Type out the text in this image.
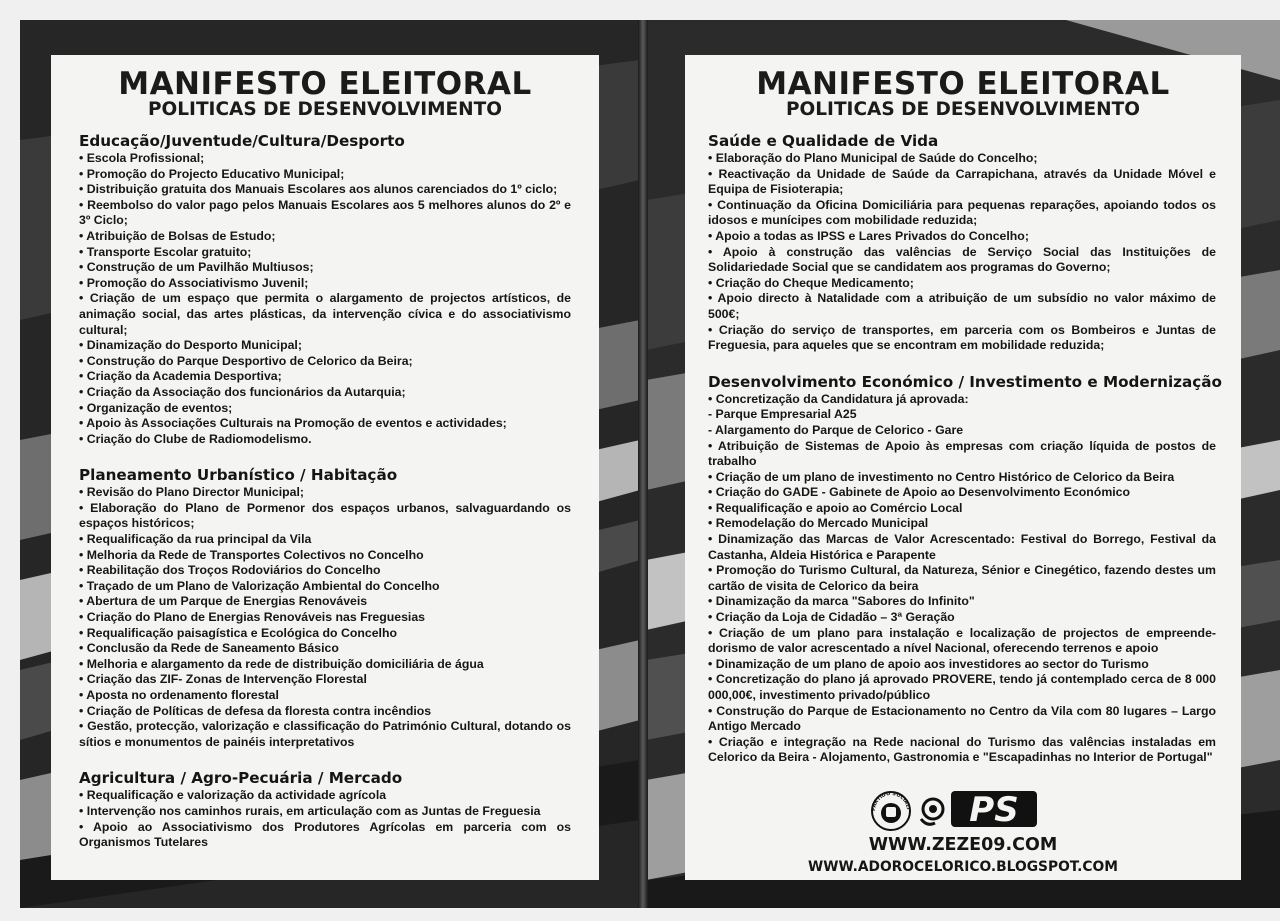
MANIFESTO ELEITORAL
POLITICAS DE DESENVOLVIMENTO
Educação/Juventude/Cultura/Desporto
• Escola Profissional;
• Promoção do Projecto Educativo Municipal;
• Distribuição gratuita dos Manuais Escolares aos alunos carenciados do 1º ciclo;
• Reembolso do valor pago pelos Manuais Escolares aos 5 melhores alunos do 2º e 3º Ciclo;
• Atribuição de Bolsas de Estudo;
• Transporte Escolar gratuito;
• Construção de um Pavilhão Multiusos;
• Promoção do Associativismo Juvenil;
• Criação de um espaço que permita o alargamento de projectos artísticos, de animação social, das artes plásticas, da intervenção cívica e do associativismo cultural;
• Dinamização do Desporto Municipal;
• Construção do Parque Desportivo de Celorico da Beira;
• Criação da Academia Desportiva;
• Criação da Associação dos funcionários da Autarquia;
• Organização de eventos;
• Apoio às Associações Culturais na Promoção de eventos e actividades;
• Criação do Clube de Radiomodelismo.
Planeamento Urbanístico / Habitação
• Revisão do Plano Director Municipal;
• Elaboração do Plano de Pormenor dos espaços urbanos, salvaguardando os espaços históricos;
• Requalificação da rua principal da Vila
• Melhoria da Rede de Transportes Colectivos no Concelho
• Reabilitação dos Troços Rodoviários do Concelho
• Traçado de um Plano de Valorização Ambiental do Concelho
• Abertura de um Parque de Energias Renováveis
• Criação do Plano de Energias Renováveis nas Freguesias
• Requalificação paisagística e Ecológica do Concelho
• Conclusão da Rede de Saneamento Básico
• Melhoria e alargamento da rede de distribuição domiciliária de água
• Criação das ZIF- Zonas de Intervenção Florestal
• Aposta no ordenamento florestal
• Criação de Políticas de defesa da floresta contra incêndios
• Gestão, protecção, valorização e classificação do Património Cultural, dotando os sítios e monumentos de painéis interpretativos
Agricultura / Agro-Pecuária / Mercado
• Requalificação e valorização da actividade agrícola
• Intervenção nos caminhos rurais, em articulação com as Juntas de Freguesia
• Apoio ao Associativismo dos Produtores Agrícolas em parceria com os Organismos Tutelares
MANIFESTO ELEITORAL
POLITICAS DE DESENVOLVIMENTO
Saúde e Qualidade de Vida
• Elaboração do Plano Municipal de Saúde do Concelho;
• Reactivação da Unidade de Saúde da Carrapichana, através da Unidade Móvel e Equipa de Fisioterapia;
• Continuação da Oficina Domiciliária para pequenas reparações, apoiando todos os idosos e munícipes com mobilidade reduzida;
• Apoio a todas as IPSS e Lares Privados do Concelho;
• Apoio à construção das valências de Serviço Social das Instituições de Solidariedade Social que se candidatem aos programas do Governo;
• Criação do Cheque Medicamento;
• Apoio directo à Natalidade com a atribuição de um subsídio no valor máximo de 500€;
• Criação do serviço de transportes, em parceria com os Bombeiros e Juntas de Freguesia, para aqueles que se encontram em mobilidade reduzida;
Desenvolvimento Económico / Investimento e Modernização
• Concretização da Candidatura já aprovada:
- Parque Empresarial A25
- Alargamento do Parque de Celorico - Gare
• Atribuição de Sistemas de Apoio às empresas com criação líquida de postos de trabalho
• Criação de um plano de investimento no Centro Histórico de Celorico da Beira
• Criação do GADE - Gabinete de Apoio ao Desenvolvimento Económico
• Requalificação e apoio ao Comércio Local
• Remodelação do Mercado Municipal
• Dinamização das Marcas de Valor Acrescentado: Festival do Borrego, Festival da Castanha, Aldeia Histórica e Parapente
• Promoção do Turismo Cultural, da Natureza, Sénior e Cinegético, fazendo destes um cartão de visita de Celorico da beira
• Dinamização da marca "Sabores do Infinito"
• Criação da Loja de Cidadão – 3ª Geração
• Criação de um plano para instalação e localização de projectos de empreende-dorismo de valor acrescentado a nível Nacional, oferecendo terrenos e apoio
• Dinamização de um plano de apoio aos investidores ao sector do Turismo
• Concretização do plano já aprovado PROVERE, tendo já contemplado cerca de 8 000 000,00€, investimento privado/público
• Construção do Parque de Estacionamento no Centro da Vila com 80 lugares – Largo Antigo Mercado
• Criação e integração na Rede nacional do Turismo das valências instaladas em Celorico da Beira - Alojamento, Gastronomia e "Escapadinhas no Interior de Portugal"
PARTIDO SOCIALI PS
WWW.ZEZE09.COM
WWW.ADOROCELORICO.BLOGSPOT.COM
